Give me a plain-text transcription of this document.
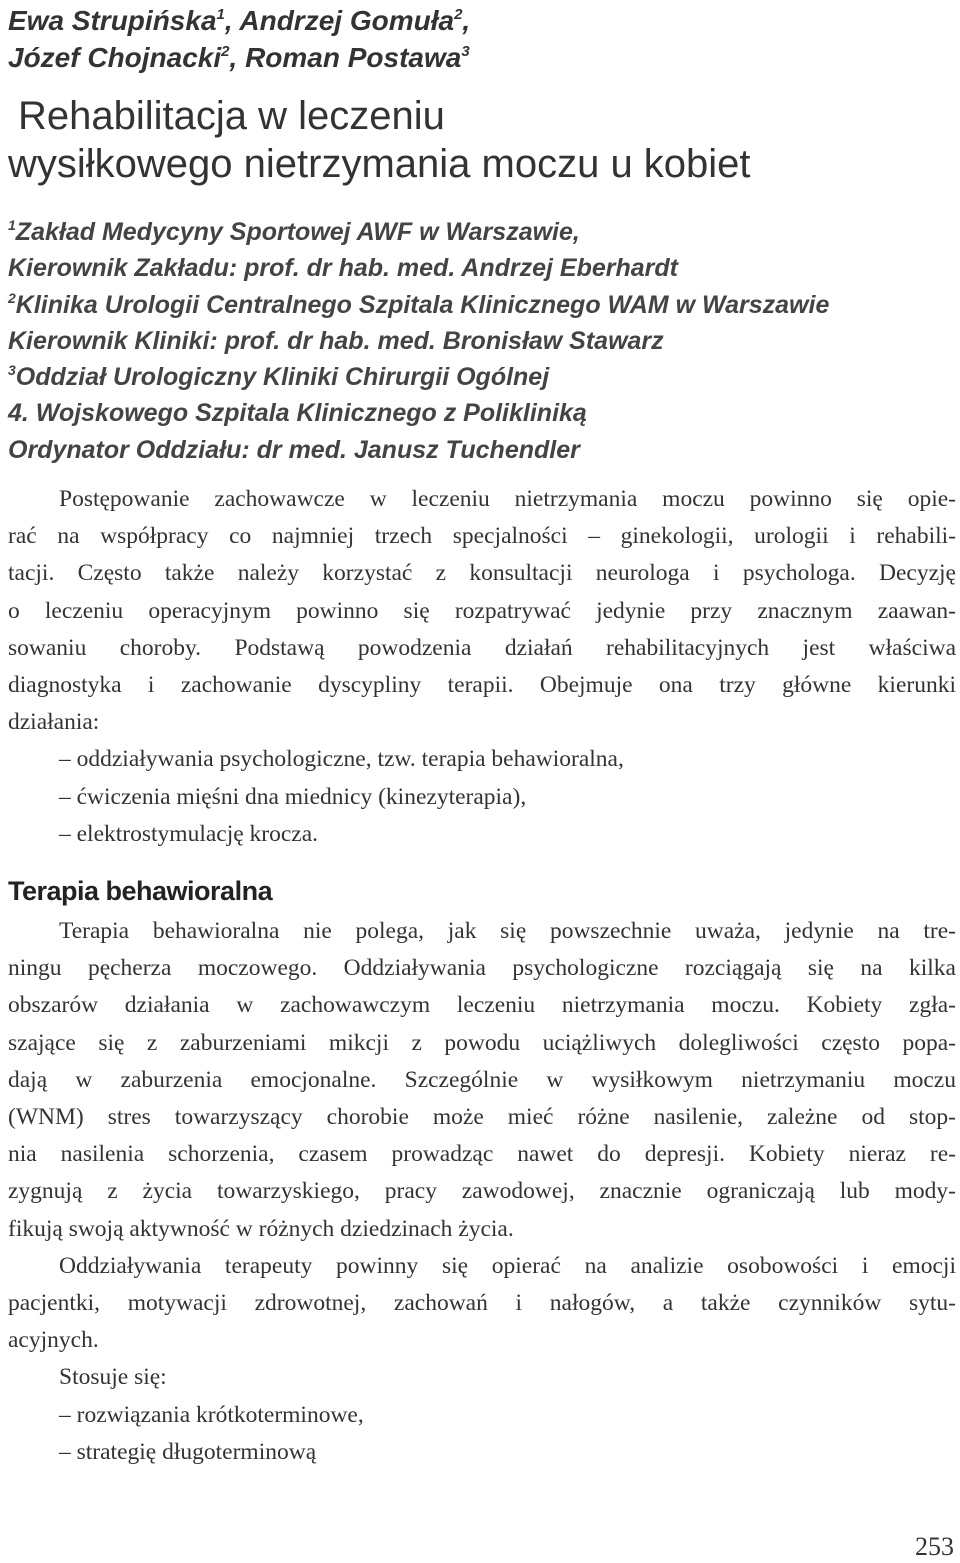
Ewa Strupińska$^1$, Andrzej Gomuła$^2$,
Józef Chojnacki$^2$, Roman Postawa$^3$
Rehabilitacja w leczeniu
wysiłkowego nietrzymania moczu u kobiet
$^1$Zakład Medycyny Sportowej AWF w Warszawie,
Kierownik Zakładu: prof. dr hab. med. Andrzej Eberhardt
$^2$Klinika Urologii Centralnego Szpitala Klinicznego WAM w Warszawie
Kierownik Kliniki: prof. dr hab. med. Bronisław Stawarz
$^3$Oddział Urologiczny Kliniki Chirurgii Ogólnej
4. Wojskowego Szpitala Klinicznego z Polikliniką
Ordynator Oddziału: dr med. Janusz Tuchendler
Postępowanie zachowawcze w leczeniu nietrzymania moczu powinno się opie-
rać na współpracy co najmniej trzech specjalności – ginekologii, urologii i rehabili-
tacji. Często także należy korzystać z konsultacji neurologa i psychologa. Decyzję
o leczeniu operacyjnym powinno się rozpatrywać jedynie przy znacznym zaawan-
sowaniu choroby. Podstawą powodzenia działań rehabilitacyjnych jest właściwa
diagnostyka i zachowanie dyscypliny terapii. Obejmuje ona trzy główne kierunki
działania:
– oddziaływania psychologiczne, tzw. terapia behawioralna,
– ćwiczenia mięśni dna miednicy (kinezyterapia),
– elektrostymulację krocza.
Terapia behawioralna
Terapia behawioralna nie polega, jak się powszechnie uważa, jedynie na tre-
ningu pęcherza moczowego. Oddziaływania psychologiczne rozciągają się na kilka
obszarów działania w zachowawczym leczeniu nietrzymania moczu. Kobiety zgła-
szające się z zaburzeniami mikcji z powodu uciążliwych dolegliwości często popa-
dają w zaburzenia emocjonalne. Szczególnie w wysiłkowym nietrzymaniu moczu
(WNM) stres towarzyszący chorobie może mieć różne nasilenie, zależne od stop-
nia nasilenia schorzenia, czasem prowadząc nawet do depresji. Kobiety nieraz re-
zygnują z życia towarzyskiego, pracy zawodowej, znacznie ograniczają lub mody-
fikują swoją aktywność w różnych dziedzinach życia.
Oddziaływania terapeuty powinny się opierać na analizie osobowości i emocji
pacjentki, motywacji zdrowotnej, zachowań i nałogów, a także czynników sytu-
acyjnych.
Stosuje się:
– rozwiązania krótkoterminowe,
– strategię długoterminową
253
